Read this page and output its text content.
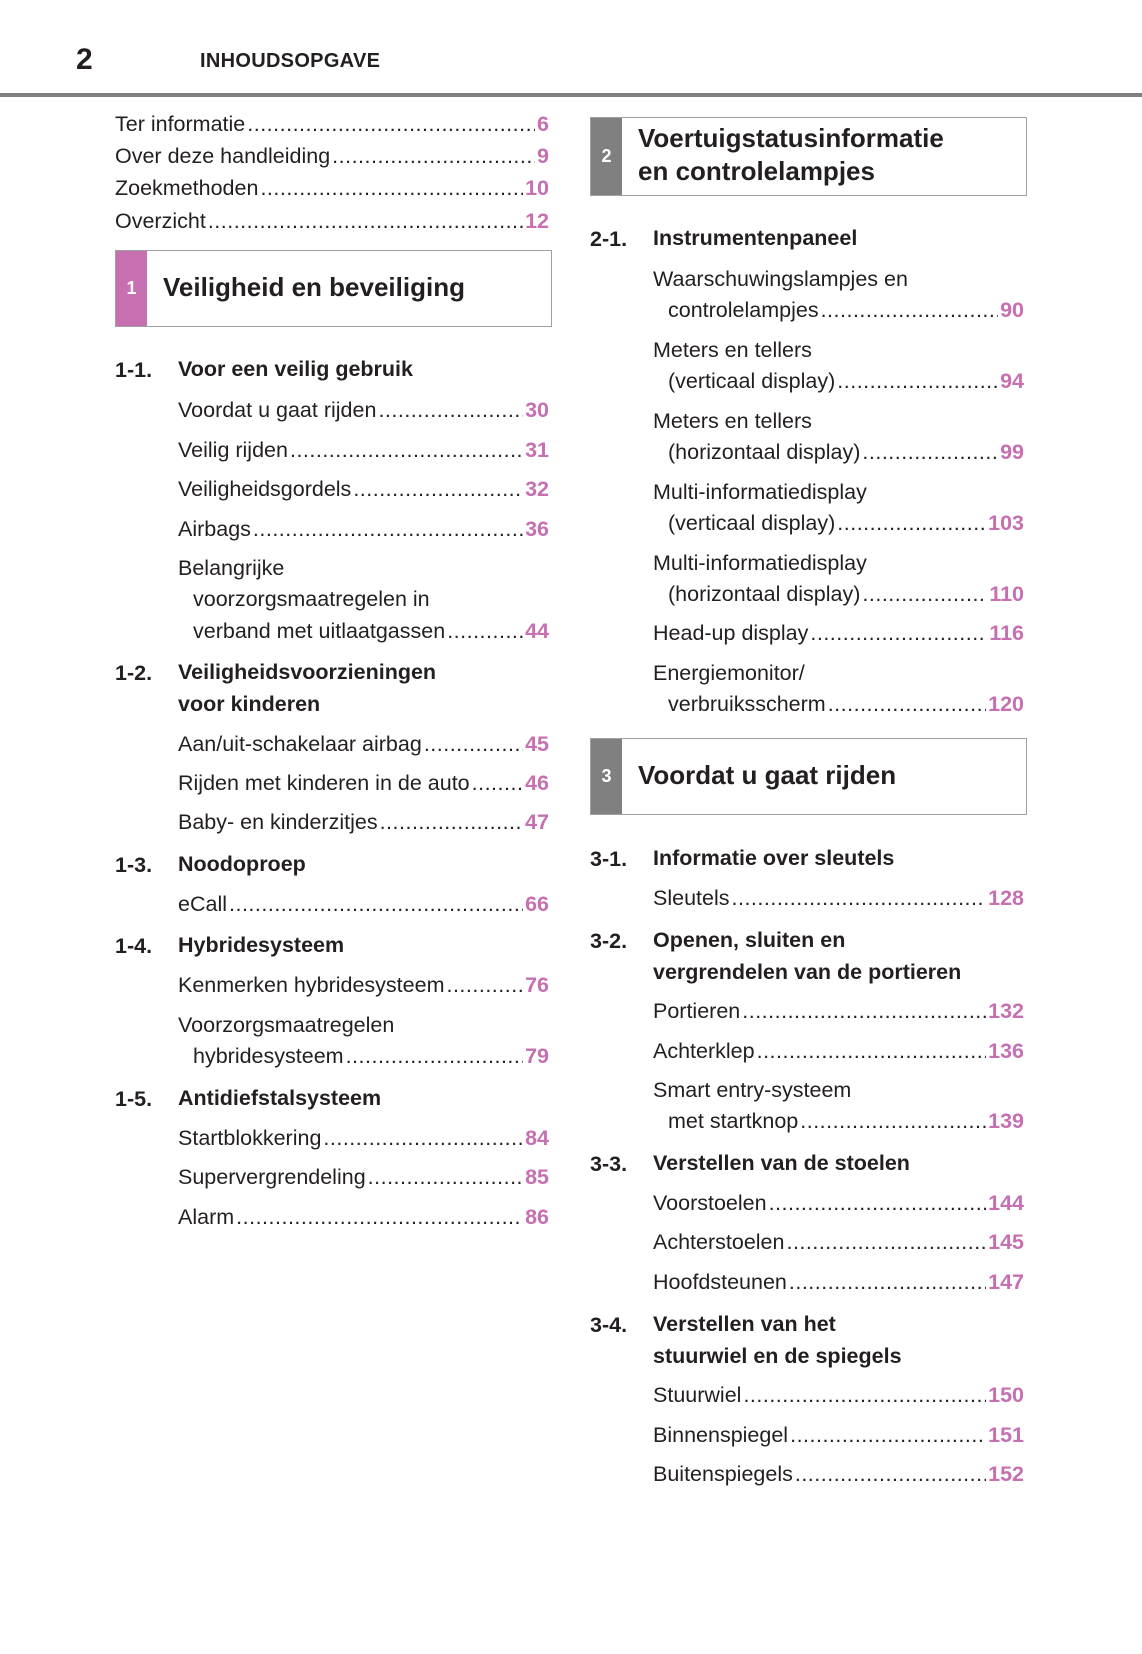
2	INHOUDSOPGAVE
Ter informatie .....	6
Over deze handleiding .....	9
Zoekmethoden .....	10
Overzicht .....	12
1	Veiligheid en beveiliging
1-1. Voor een veilig gebruik
Voordat u gaat rijden .....	30
Veilig rijden .....	31
Veiligheidsgordels .....	32
Airbags .....	36
Belangrijke
voorzorgsmaatregelen in
verband met uitlaatgassen .....	44
1-2. Veiligheidsvoorzieningen
voor kinderen
Aan/uit-schakelaar airbag .....	45
Rijden met kinderen in de auto .....	46
Baby- en kinderzitjes .....	47
1-3. Noodoproep
eCall .....	66
1-4. Hybridesysteem
Kenmerken hybridesysteem .....	76
Voorzorgsmaatregelen
hybridesysteem .....	79
1-5. Antidiefstalsysteem
Startblokkering .....	84
Supervergrendeling .....	85
Alarm .....	86
2
Voertuigstatusinformatie
en controlelampjes
2-1. Instrumentenpaneel
Waarschuwingslampjes en
controlelampjes .....	90
Meters en tellers
(verticaal display) .....	94
Meters en tellers
(horizontaal display) .....	99
Multi-informatiedisplay
(verticaal display) .....	103
Multi-informatiedisplay
(horizontaal display) .....	110
Head-up display .....	116
Energiemonitor/
verbruiksscherm .....	120
3	Voordat u gaat rijden
3-1. Informatie over sleutels
Sleutels .....	128
3-2. Openen, sluiten en
vergrendelen van de portieren
Portieren .....	132
Achterklep .....	136
Smart entry-systeem
met startknop .....	139
3-3. Verstellen van de stoelen
Voorstoelen .....	144
Achterstoelen .....	145
Hoofdsteunen .....	147
3-4. Verstellen van het
stuurwiel en de spiegels
Stuurwiel .....	150
Binnenspiegel .....	151
Buitenspiegels .....	152
